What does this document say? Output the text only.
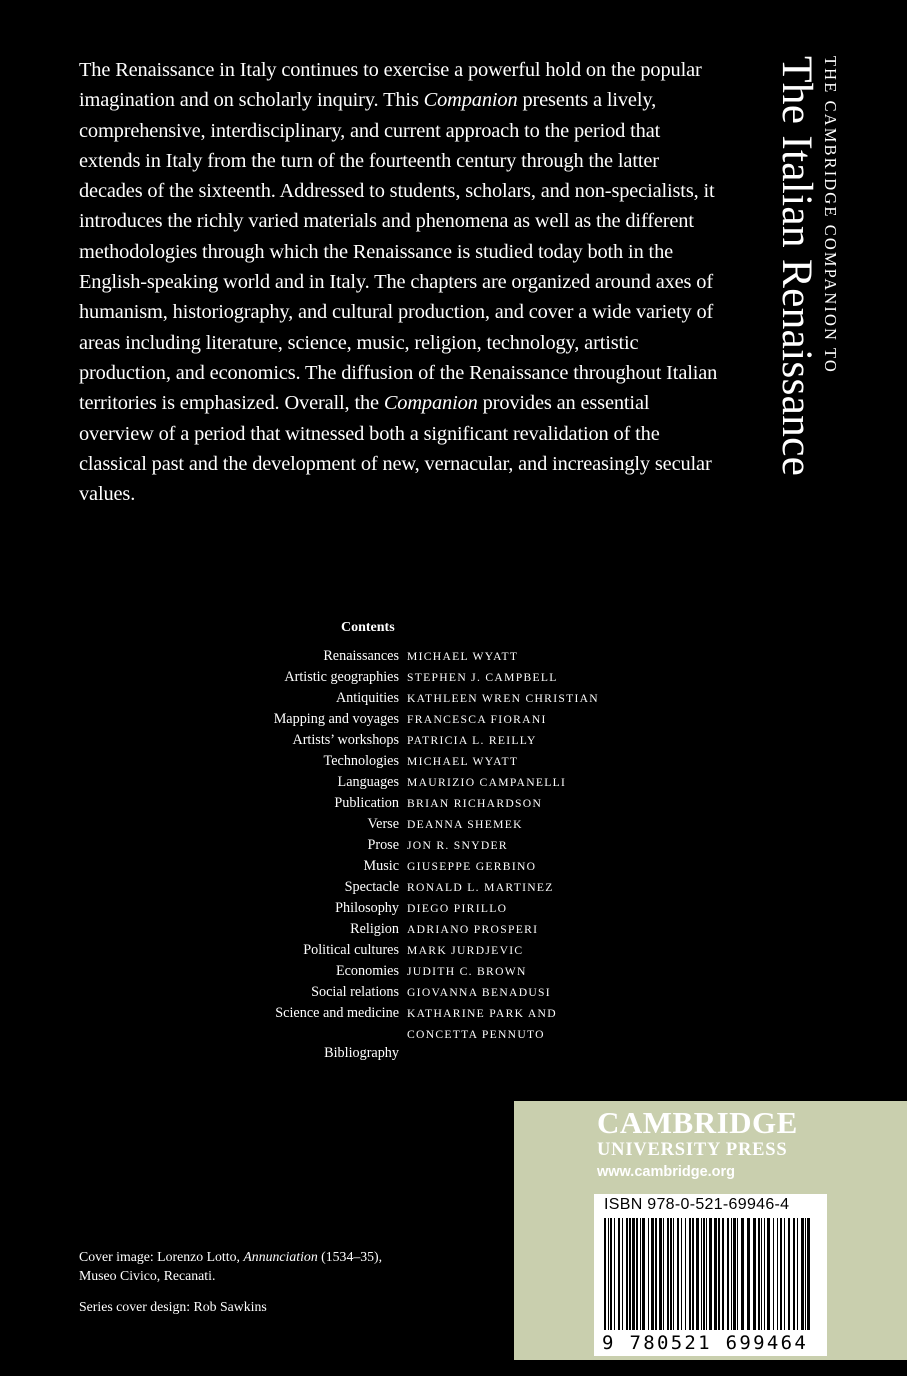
The Renaissance in Italy continues to exercise a powerful hold on the popular imagination and on scholarly inquiry. This Companion presents a lively, comprehensive, interdisciplinary, and current approach to the period that extends in Italy from the turn of the fourteenth century through the latter decades of the sixteenth. Addressed to students, scholars, and non-specialists, it introduces the richly varied materials and phenomena as well as the different methodologies through which the Renaissance is studied today both in the English-speaking world and in Italy. The chapters are organized around axes of humanism, historiography, and cultural production, and cover a wide variety of areas including literature, science, music, religion, technology, artistic production, and economics. The diffusion of the Renaissance throughout Italian territories is emphasized. Overall, the Companion provides an essential overview of a period that witnessed both a significant revalidation of the classical past and the development of new, vernacular, and increasingly secular values.

THE CAMBRIDGE COMPANION TO
The Italian Renaissance
Contents
Renaissances MICHAEL WYATT
Artistic geographies STEPHEN J. CAMPBELL
Antiquities KATHLEEN WREN CHRISTIAN
Mapping and voyages FRANCESCA FIORANI
Artists’ workshops PATRICIA L. REILLY
Technologies MICHAEL WYATT
Languages MAURIZIO CAMPANELLI
Publication BRIAN RICHARDSON
Verse DEANNA SHEMEK
Prose JON R. SNYDER
Music GIUSEPPE GERBINO
Spectacle RONALD L. MARTINEZ
Philosophy DIEGO PIRILLO
Religion ADRIANO PROSPERI
Political cultures MARK JURDJEVIC
Economies JUDITH C. BROWN
Social relations GIOVANNA BENADUSI
Science and medicine KATHARINE PARK AND
CONCETTA PENNUTO
Bibliography
CAMBRIDGE
UNIVERSITY PRESS
www.cambridge.org
ISBN 978-0-521-69946-4
9 780521 699464 >
Cover image: Lorenzo Lotto, Annunciation (1534–35),
Museo Civico, Recanati.
Series cover design: Rob Sawkins
